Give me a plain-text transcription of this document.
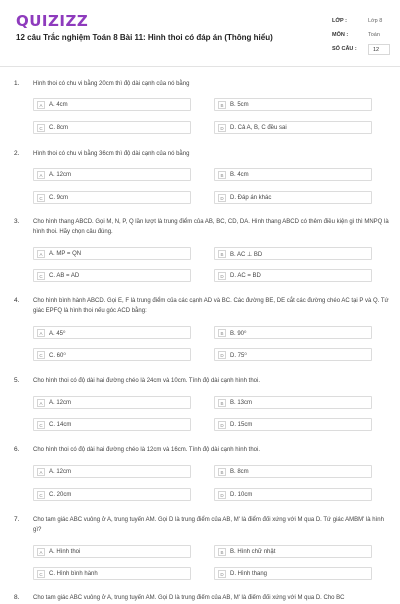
QUIZIZZ
12 câu Trắc nghiệm Toán 8 Bài 11: Hình thoi có đáp án (Thông hiểu)
LỚP :	Lớp 8
MÔN :	Toán
SỐ CÂU :	12
1. Hình thoi có chu vi bằng 20cm thì độ dài cạnh của nó bằng
A	A. 4cm	B	B. 5cm
C	C. 8cm	D	D. Cả A, B, C đều sai
2. Hình thoi có chu vi bằng 36cm thì độ dài cạnh của nó bằng
A	A. 12cm	B	B. 4cm
C	C. 9cm	D	D. Đáp án khác
3. Cho hình thang ABCD. Gọi M, N, P, Q lần lượt là trung điểm của AB, BC, CD, DA. Hình thang ABCD có thêm điều kiện gì thì MNPQ là hình thoi. Hãy chọn câu đúng.
A	A. MP = QN	B	B. AC ⊥ BD
C	C. AB = AD	D	D. AC = BD
4. Cho hình bình hành ABCD. Gọi E, F là trung điểm của các cạnh AD và BC. Các đường BE, DE cắt các đường chéo AC tại P và Q. Tứ giác EPFQ là hình thoi nếu góc ACD bằng:
A	A. 45⁰	B	B. 90⁰
C	C. 60⁰	D	D. 75⁰
5. Cho hình thoi có độ dài hai đường chéo là 24cm và 10cm. Tính độ dài cạnh hình thoi.
A	A. 12cm	B	B. 13cm
C	C. 14cm	D	D. 15cm
6. Cho hình thoi có độ dài hai đường chéo là 12cm và 16cm. Tính độ dài cạnh hình thoi.
A	A. 12cm	B	B. 8cm
C	C. 20cm	D	D. 10cm
7. Cho tam giác ABC vuông ở A, trung tuyến AM. Gọi D là trung điểm của AB, M' là điểm đối xứng với M qua D. Tứ giác AMBM' là hình gì?
A	A. Hình thoi	B	B. Hình chữ nhật
C	C. Hình bình hành	D	D. Hình thang
8. Cho tam giác ABC vuông ở A, trung tuyến AM. Gọi D là trung điểm của AB, M' là điểm đối xứng với M qua D. Cho BC
